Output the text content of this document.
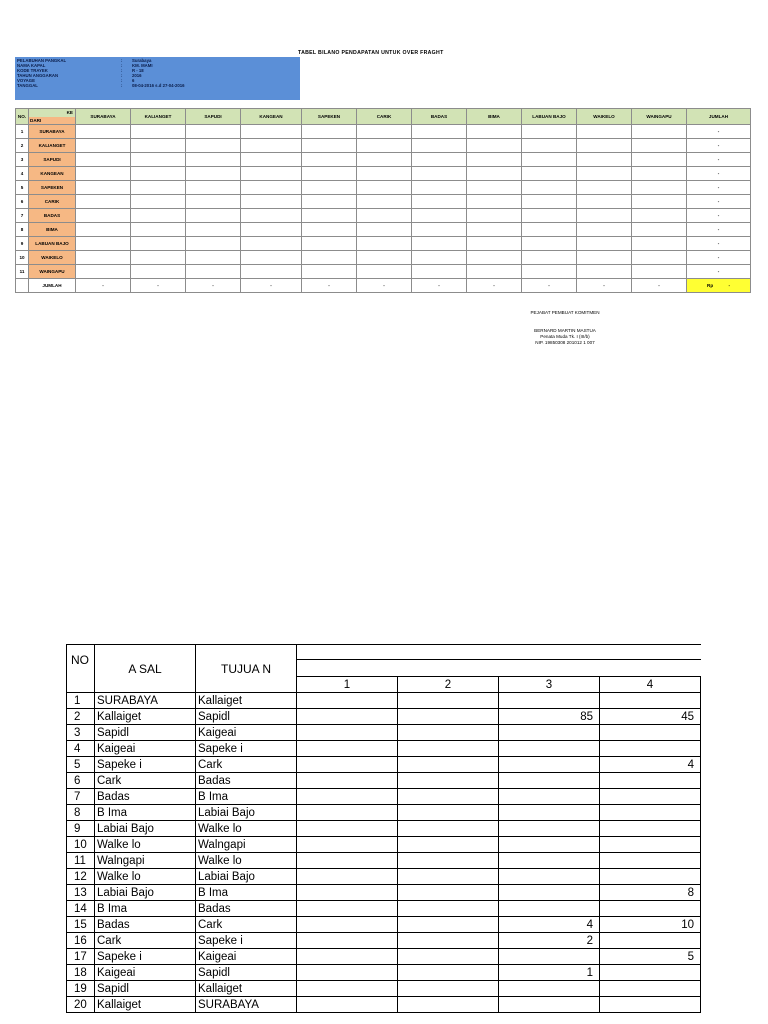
TABEL BILANO PENDAPATAN UNTUK OVER FRAGHT
PELABUHAN PANGKAL	: Surabaya
NAMA KAPAL	: KM. MAMI
KODE TRAYEK	: R - 18
TAHUN ANGGARAN	: 2016
VOYAGE	: 6
TANGGAL	: 08-04-2016 s.d 27-04-2016
NO.	KE
DARI	SURABAYA	KALIANGET	SAPUDI	KANGEAN	SAPEKEN	CARIK	BADAS	BIMA	LABUAN BAJO	WAIKELO	WAINGAPU	JUMLAH
1	SURABAYA												-
2	KALIANGET												-
3	SAPUDI												-
4	KANGEAN												-
5	SAPEKEN												-
6	CARIK												-
7	BADAS												-
8	BIMA												-
9	LABUAN BAJO												-
10	WAIKELO												-
11	WAINGAPU												-
	JUMLAH	-	-	-	-	-	-	-	-	-	-	-	Rp -
PEJABAT PEMBUAT KOMITMEN
BERNARD MARTIN MASTUA
Penata Muda Tk. I (III/b)
NIP. 19850308 201012 1 007
NO	A SAL	TUJUA N				

			1	2	3	4
1	SURABAYA	Kallaiget				
2	Kallaiget	Sapidl			85	45
3	Sapidl	Kaigeai				
4	Kaigeai	Sapeke i				
5	Sapeke i	Cark				4
6	Cark	Badas				
7	Badas	B Ima				
8	B Ima	Labiai Bajo				
9	Labiai Bajo	Walke lo				
10	Walke lo	Walngapi				
11	Walngapi	Walke lo				
12	Walke lo	Labiai Bajo				
13	Labiai Bajo	B Ima				8
14	B Ima	Badas				
15	Badas	Cark			4	10
16	Cark	Sapeke i			2	
17	Sapeke i	Kaigeai				5
18	Kaigeai	Sapidl			1	
19	Sapidl	Kallaiget				
20	Kallaiget	SURABAYA				
